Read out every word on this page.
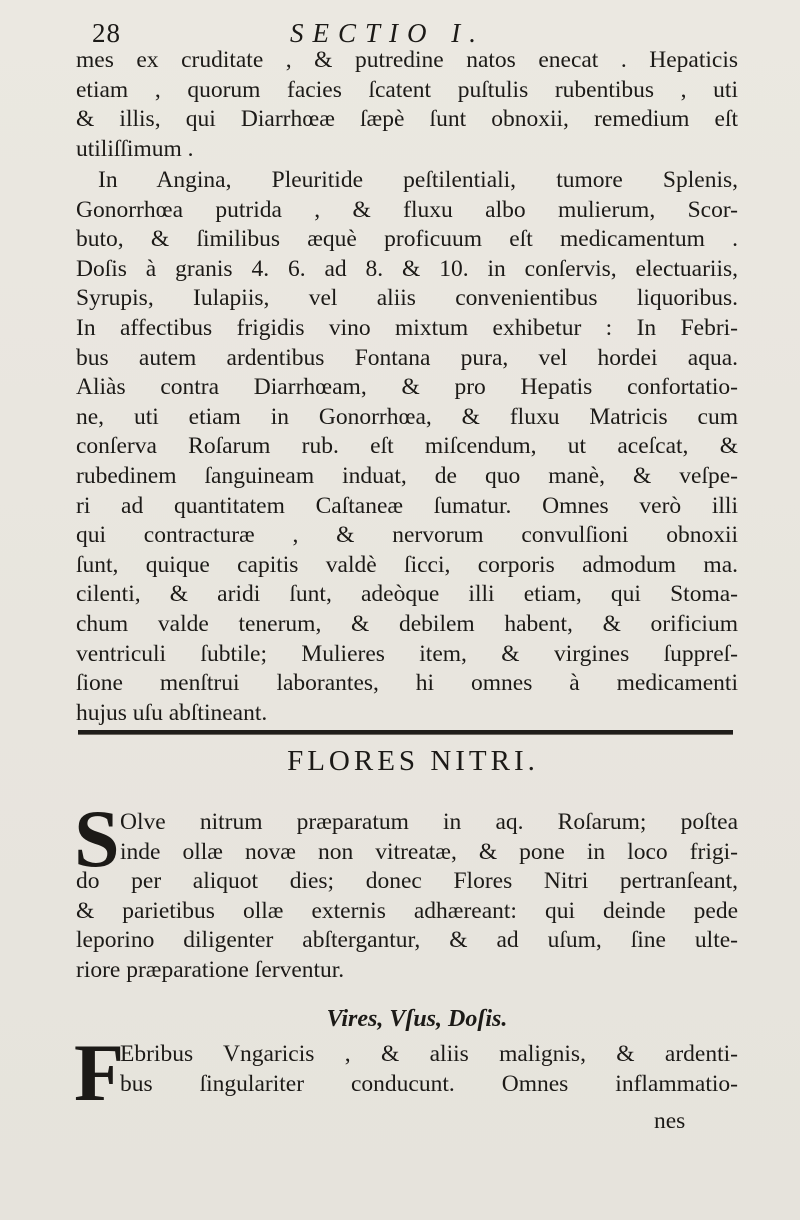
28	SECTIO I.
mes ex cruditate , & putredine natos enecat . Hepaticis
etiam , quorum facies ſcatent puſtulis rubentibus , uti
& illis, qui Diarrhœæ ſæpè ſunt obnoxii, remedium eſt
utiliſſimum .
In Angina, Pleuritide peſtilentiali, tumore Splenis,
Gonorrhœa putrida , & fluxu albo mulierum, Scor-
buto, & ſimilibus æquè proficuum eſt medicamentum .
Doſis à granis 4. 6. ad 8. & 10. in conſervis, electuariis,
Syrupis, Iulapiis, vel aliis convenientibus liquoribus.
In affectibus frigidis vino mixtum exhibetur : In Febri-
bus autem ardentibus Fontana pura, vel hordei aqua.
Aliàs contra Diarrhœam, & pro Hepatis confortatio-
ne, uti etiam in Gonorrhœa, & fluxu Matricis cum
conſerva Roſarum rub. eſt miſcendum, ut aceſcat, &
rubedinem ſanguineam induat, de quo manè, & veſpe-
ri ad quantitatem Caſtaneæ ſumatur. Omnes verò illi
qui contracturæ , & nervorum convulſioni obnoxii
ſunt, quique capitis valdè ſicci, corporis admodum ma.
cilenti, & aridi ſunt, adeòque illi etiam, qui Stoma-
chum valde tenerum, & debilem habent, & orificium
ventriculi ſubtile; Mulieres item, & virgines ſuppreſ-
ſione menſtrui laborantes, hi omnes à medicamenti
hujus uſu abſtineant.
FLORES NITRI.
S Olve nitrum præparatum in aq. Roſarum; poſtea
inde ollæ novæ non vitreatæ, & pone in loco frigi-
do per aliquot dies; donec Flores Nitri pertranſeant,
& parietibus ollæ externis adhæreant: qui deinde pede
leporino diligenter abſtergantur, & ad uſum, ſine ulte-
riore præparatione ſerventur.
Vires, Vſus, Doſis.
F
Ebribus Vngaricis , & aliis malignis, & ardenti-
bus ſingulariter conducunt. Omnes inflammatio-
nes
